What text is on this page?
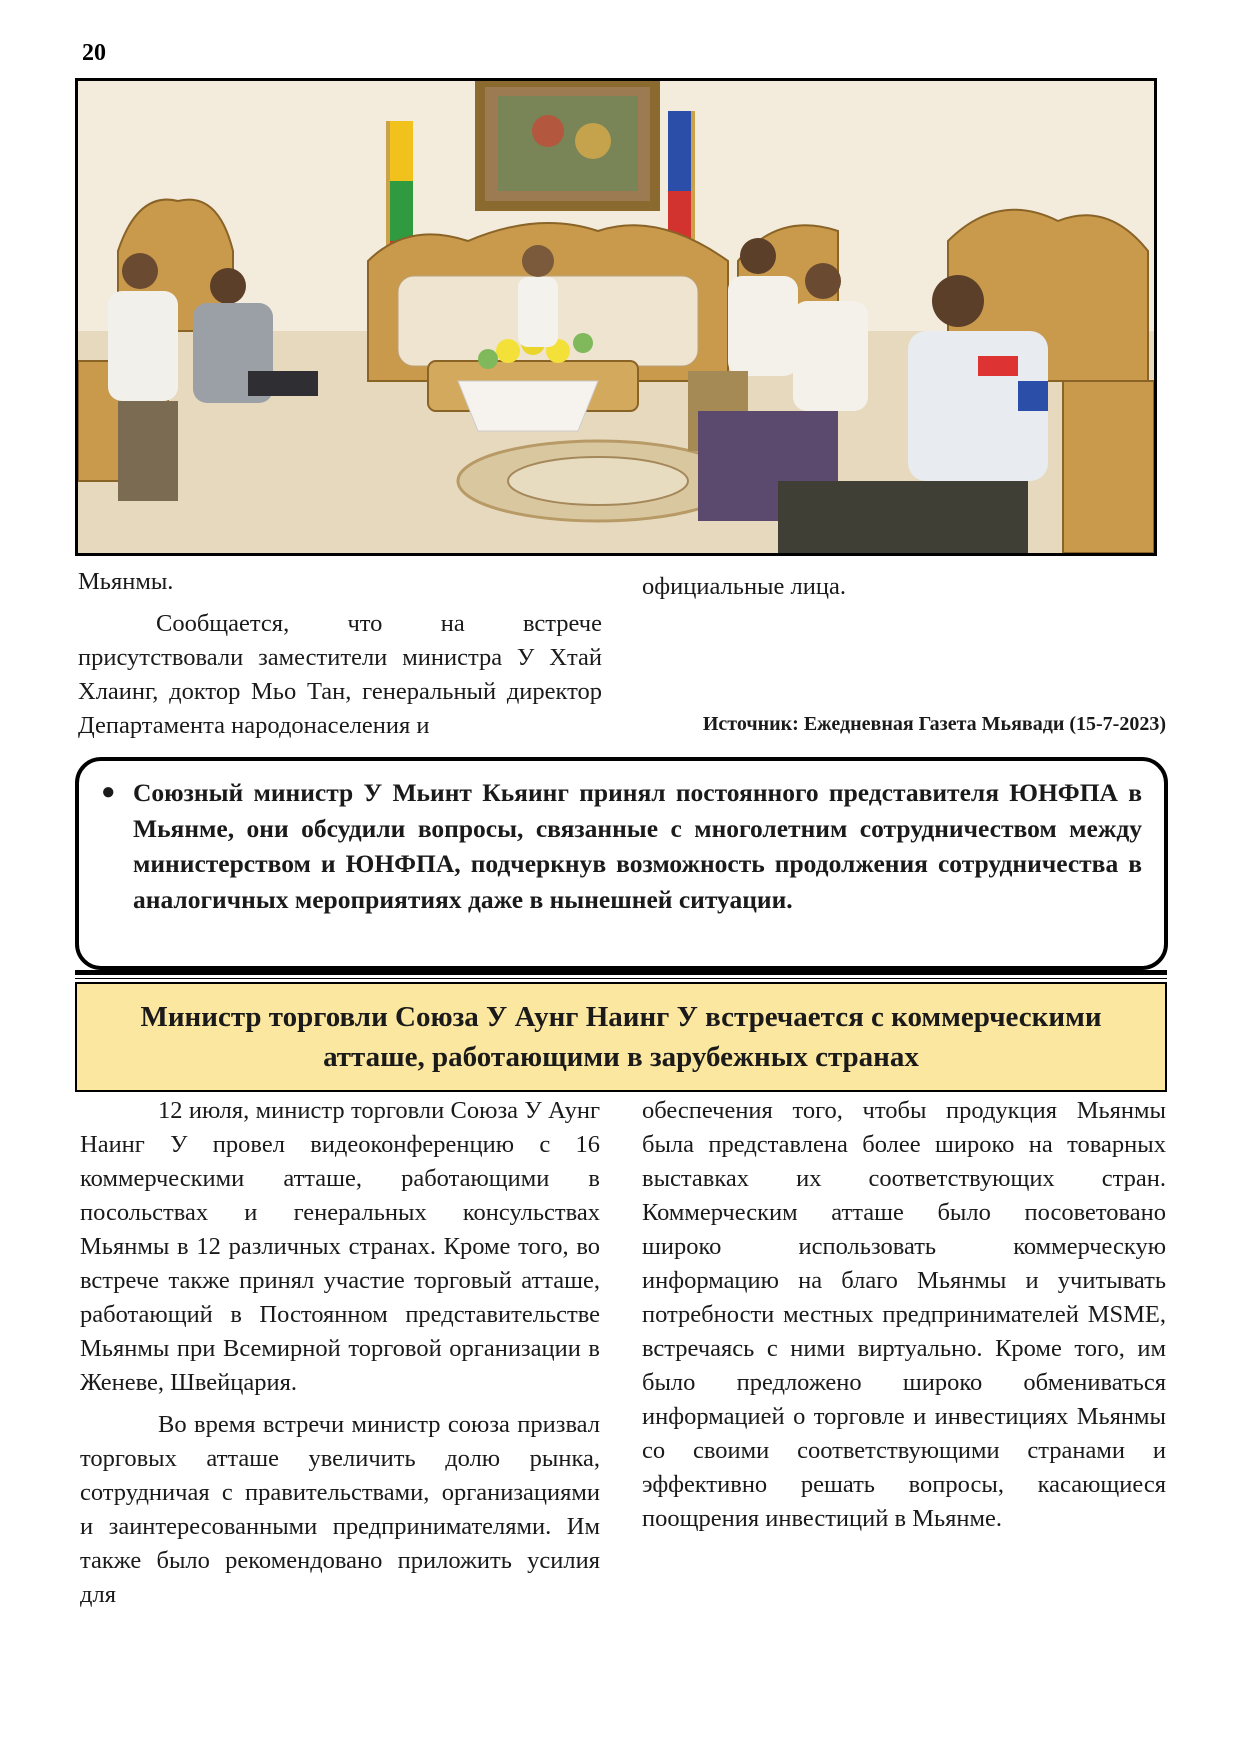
20

Мьянмы.

Сообщается, что на встрече присутствовали заместители министра У Хтай Хлаинг, доктор Мьо Тан, генеральный директор Департамента народонаселения и

официальные лица.

Источник: Ежедневная Газета Мьявади (15-7-2023)
● Союзный министр У Мьинт Кьяинг принял постоянного представителя ЮНФПА в Мьянме, они обсудили вопросы, связанные с многолетним сотрудничеством между министерством и ЮНФПА, подчеркнув возможность продолжения сотрудничества в аналогичных мероприятиях даже в нынешней ситуации.
Министр торговли Союза У Аунг Наинг У встречается с коммерческими
атташе, работающими в зарубежных странах

12 июля, министр торговли Союза У Аунг Наинг У провел видеоконференцию с 16 коммерческими атташе, работающими в посольствах и генеральных консульствах Мьянмы в 12 различных странах. Кроме того, во встрече также принял участие торговый атташе, работающий в Постоянном представительстве Мьянмы при Всемирной торговой организации в Женеве, Швейцария.

Во время встречи министр союза призвал торговых атташе увеличить долю рынка, сотрудничая с правительствами, организациями и заинтересованными предпринимателями. Им также было рекомендовано приложить усилия для

обеспечения того, чтобы продукция Мьянмы была представлена более широко на товарных выставках их соответствующих стран. Коммерческим атташе было посоветовано широко использовать коммерческую информацию на благо Мьянмы и учитывать потребности местных предпринимателей MSME, встречаясь с ними виртуально. Кроме того, им было предложено широко обмениваться информацией о торговле и инвестициях Мьянмы со своими соответствующими странами и эффективно решать вопросы, касающиеся поощрения инвестиций в Мьянме.
